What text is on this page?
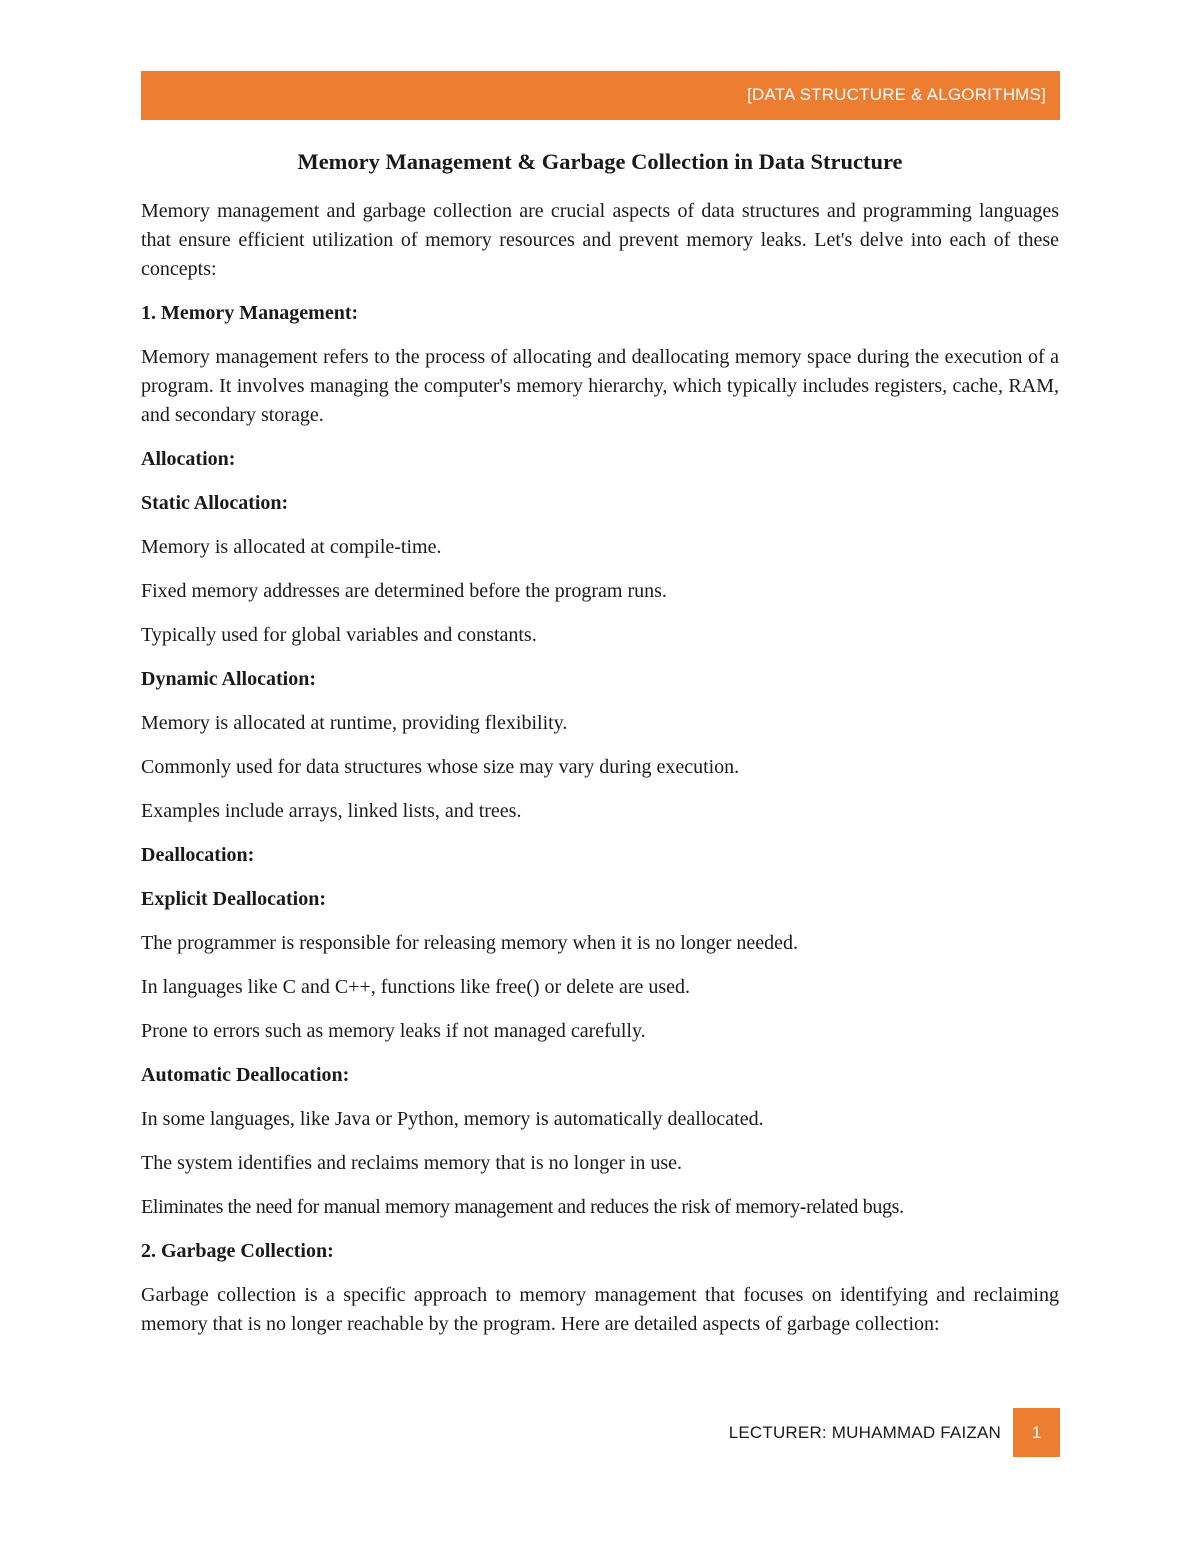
[DATA STRUCTURE & ALGORITHMS]
Memory Management & Garbage Collection in Data Structure

Memory management and garbage collection are crucial aspects of data structures and programming languages that ensure efficient utilization of memory resources and prevent memory leaks. Let's delve into each of these concepts:

1. Memory Management:

Memory management refers to the process of allocating and deallocating memory space during the execution of a program. It involves managing the computer's memory hierarchy, which typically includes registers, cache, RAM, and secondary storage.

Allocation:

Static Allocation:

Memory is allocated at compile-time.

Fixed memory addresses are determined before the program runs.

Typically used for global variables and constants.

Dynamic Allocation:

Memory is allocated at runtime, providing flexibility.

Commonly used for data structures whose size may vary during execution.

Examples include arrays, linked lists, and trees.

Deallocation:

Explicit Deallocation:

The programmer is responsible for releasing memory when it is no longer needed.

In languages like C and C++, functions like free() or delete are used.

Prone to errors such as memory leaks if not managed carefully.

Automatic Deallocation:

In some languages, like Java or Python, memory is automatically deallocated.

The system identifies and reclaims memory that is no longer in use.

Eliminates the need for manual memory management and reduces the risk of memory-related bugs.

2. Garbage Collection:

Garbage collection is a specific approach to memory management that focuses on identifying and reclaiming memory that is no longer reachable by the program. Here are detailed aspects of garbage collection:

LECTURER: MUHAMMAD FAIZAN	1
